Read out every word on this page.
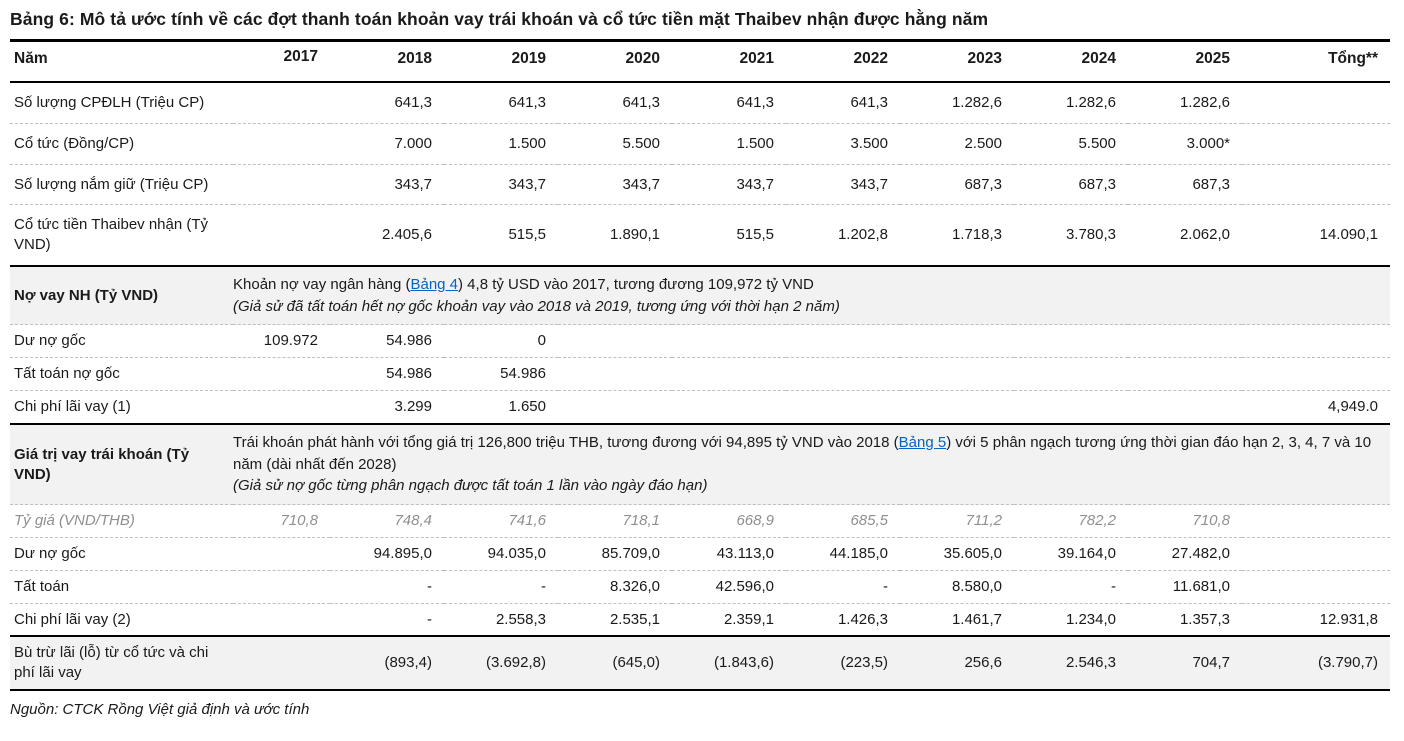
Bảng 6: Mô tả ước tính về các đợt thanh toán khoản vay trái khoán và cổ tức tiền mặt Thaibev nhận được hằng năm
Năm	2017	2018	2019	2020	2021	2022	2023	2024	2025	Tổng**
Số lượng CPĐLH (Triệu CP)		641,3	641,3	641,3	641,3	641,3	1.282,6	1.282,6	1.282,6	
Cổ tức (Đồng/CP)		7.000	1.500	5.500	1.500	3.500	2.500	5.500	3.000*	
Số lượng nắm giữ (Triệu CP)		343,7	343,7	343,7	343,7	343,7	687,3	687,3	687,3	
Cổ tức tiền Thaibev nhận (Tỷ VND)		2.405,6	515,5	1.890,1	515,5	1.202,8	1.718,3	3.780,3	2.062,0	14.090,1
Nợ vay NH (Tỷ VND)	Khoản nợ vay ngân hàng (Bảng 4) 4,8 tỷ USD vào 2017, tương đương 109,972 tỷ VND
(Giả sử đã tất toán hết nợ gốc khoản vay vào 2018 và 2019, tương ứng với thời hạn 2 năm)									

Dư nợ gốc	109.972	54.986	0							
Tất toán nợ gốc		54.986	54.986							
Chi phí lãi vay (1)		3.299	1.650							4,949.0
Giá trị vay trái khoán (Tỷ VND)	Trái khoán phát hành với tổng giá trị 126,800 triệu THB, tương đương với 94,895 tỷ VND vào 2018 (Bảng 5) với 5 phân ngạch tương ứng thời gian đáo hạn 2, 3, 4, 7 và 10 năm (dài nhất đến 2028)
(Giả sử nợ gốc từng phân ngạch được tất toán 1 lần vào ngày đáo hạn)									

Tỷ giá (VND/THB)	710,8	748,4	741,6	718,1	668,9	685,5	711,2	782,2	710,8	
Dư nợ gốc		94.895,0	94.035,0	85.709,0	43.113,0	44.185,0	35.605,0	39.164,0	27.482,0	
Tất toán		-	-	8.326,0	42.596,0	-	8.580,0	-	11.681,0	
Chi phí lãi vay (2)		-	2.558,3	2.535,1	2.359,1	1.426,3	1.461,7	1.234,0	1.357,3	12.931,8
Bù trừ lãi (lỗ) từ cổ tức và chi phí lãi vay		(893,4)	(3.692,8)	(645,0)	(1.843,6)	(223,5)	256,6	2.546,3	704,7	(3.790,7)
Nguồn: CTCK Rồng Việt giả định và ước tính
